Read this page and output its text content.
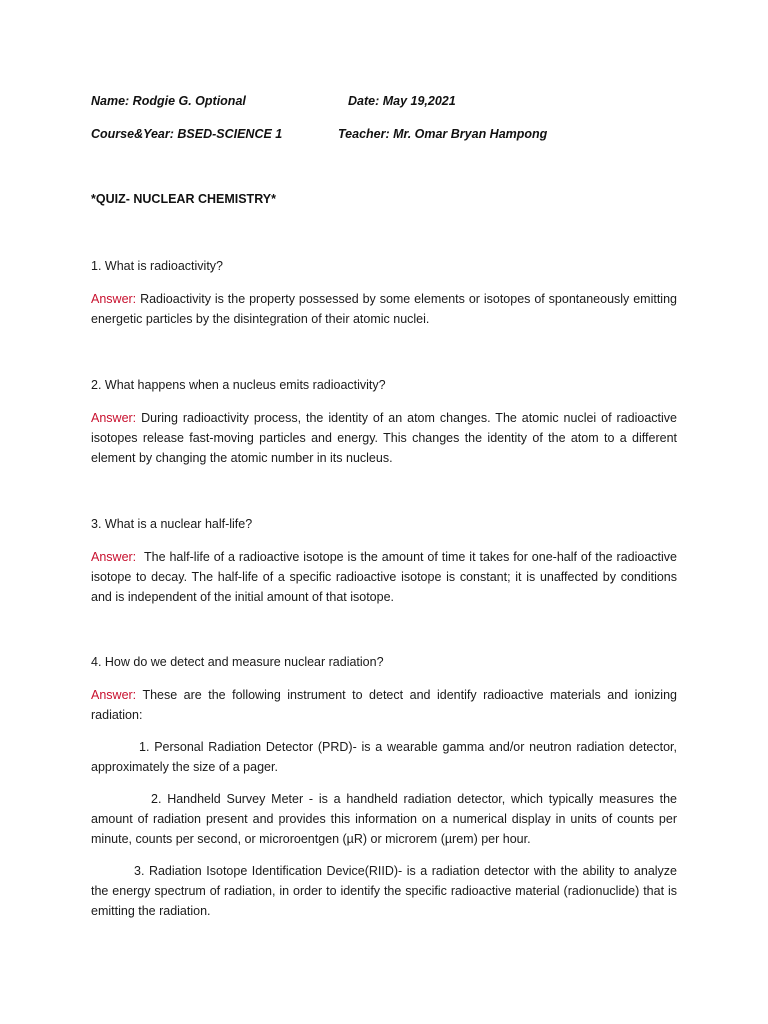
Name: Rodgie G. Optional	Date: May 19,2021
Course&Year: BSED-SCIENCE 1	Teacher: Mr. Omar Bryan Hampong
*QUIZ- NUCLEAR CHEMISTRY*

1. What is radioactivity?

Answer: Radioactivity is the property possessed by some elements or isotopes of spontaneously emitting energetic particles by the disintegration of their atomic nuclei.

2. What happens when a nucleus emits radioactivity?

Answer: During radioactivity process, the identity of an atom changes. The atomic nuclei of radioactive isotopes release fast-moving particles and energy. This changes the identity of the atom to a different element by changing the atomic number in its nucleus.

3. What is a nuclear half-life?

Answer: The half-life of a radioactive isotope is the amount of time it takes for one-half of the radioactive isotope to decay. The half-life of a specific radioactive isotope is constant; it is unaffected by conditions and is independent of the initial amount of that isotope.

4. How do we detect and measure nuclear radiation?

Answer: These are the following instrument to detect and identify radioactive materials and ionizing radiation:

1. Personal Radiation Detector (PRD)- is a wearable gamma and/or neutron radiation detector, approximately the size of a pager.

2. Handheld Survey Meter - is a handheld radiation detector, which typically measures the amount of radiation present and provides this information on a numerical display in units of counts per minute, counts per second, or microroentgen (µR) or microrem (µrem) per hour.

3. Radiation Isotope Identification Device(RIID)- is a radiation detector with the ability to analyze the energy spectrum of radiation, in order to identify the specific radioactive material (radionuclide) that is emitting the radiation.
